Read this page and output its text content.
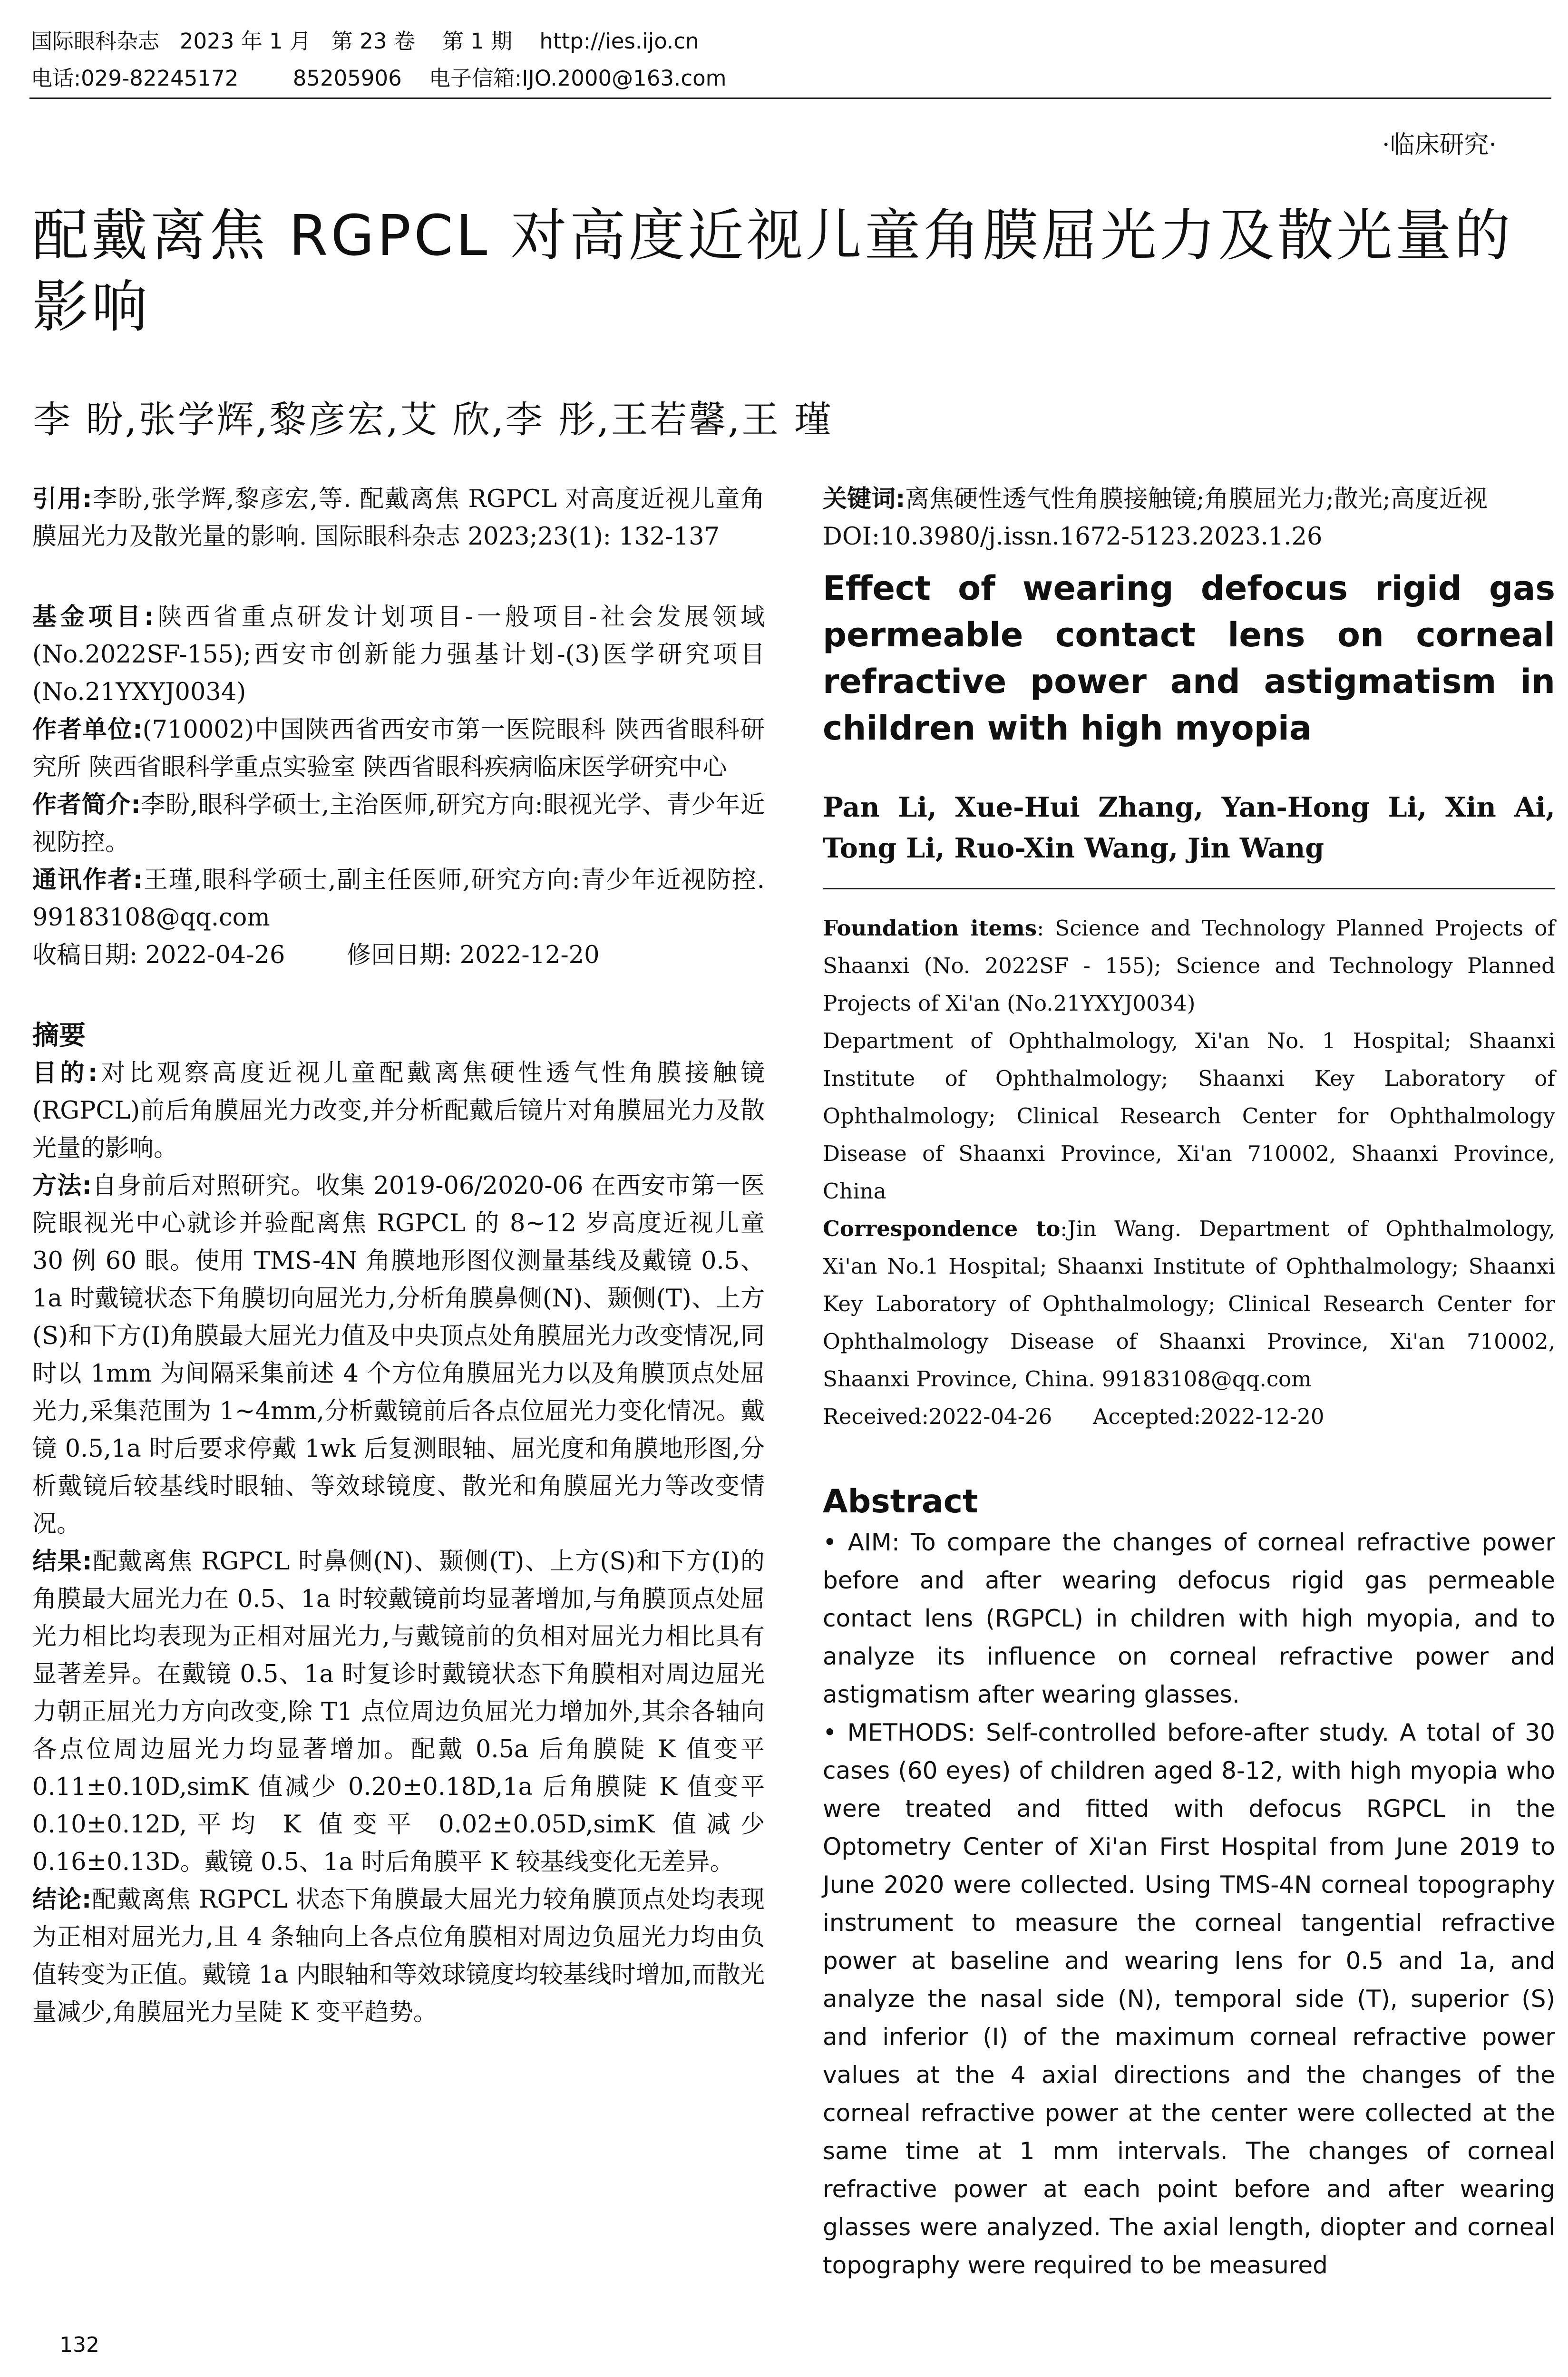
国际眼科杂志   2023 年 1 月   第 23 卷    第 1 期    http://ies.ijo.cn
电话:029-82245172        85205906    电子信箱:IJO.2000@163.com
·临床研究·
配戴离焦 RGPCL 对高度近视儿童角膜屈光力及散光量的影响
李 盼,张学辉,黎彦宏,艾 欣,李 彤,王若馨,王 瑾

引用:李盼,张学辉,黎彦宏,等. 配戴离焦 RGPCL 对高度近视儿童角膜屈光力及散光量的影响. 国际眼科杂志 2023;23(1): 132-137

基金项目:陕西省重点研发计划项目-一般项目-社会发展领域(No.2022SF-155);西安市创新能力强基计划-(3)医学研究项目(No.21YXYJ0034)

作者单位:(710002)中国陕西省西安市第一医院眼科 陕西省眼科研究所 陕西省眼科学重点实验室 陕西省眼科疾病临床医学研究中心

作者简介:李盼,眼科学硕士,主治医师,研究方向:眼视光学、青少年近视防控。

通讯作者:王瑾,眼科学硕士,副主任医师,研究方向:青少年近视防控. 99183108@qq.com

收稿日期: 2022-04-26        修回日期: 2022-12-20

摘要

目的:对比观察高度近视儿童配戴离焦硬性透气性角膜接触镜(RGPCL)前后角膜屈光力改变,并分析配戴后镜片对角膜屈光力及散光量的影响。

方法:自身前后对照研究。收集 2019-06/2020-06 在西安市第一医院眼视光中心就诊并验配离焦 RGPCL 的 8~12 岁高度近视儿童 30 例 60 眼。使用 TMS-4N 角膜地形图仪测量基线及戴镜 0.5、1a 时戴镜状态下角膜切向屈光力,分析角膜鼻侧(N)、颞侧(T)、上方(S)和下方(I)角膜最大屈光力值及中央顶点处角膜屈光力改变情况,同时以 1mm 为间隔采集前述 4 个方位角膜屈光力以及角膜顶点处屈光力,采集范围为 1~4mm,分析戴镜前后各点位屈光力变化情况。戴镜 0.5,1a 时后要求停戴 1wk 后复测眼轴、屈光度和角膜地形图,分析戴镜后较基线时眼轴、等效球镜度、散光和角膜屈光力等改变情况。

结果:配戴离焦 RGPCL 时鼻侧(N)、颞侧(T)、上方(S)和下方(I)的角膜最大屈光力在 0.5、1a 时较戴镜前均显著增加,与角膜顶点处屈光力相比均表现为正相对屈光力,与戴镜前的负相对屈光力相比具有显著差异。在戴镜 0.5、1a 时复诊时戴镜状态下角膜相对周边屈光力朝正屈光力方向改变,除 T1 点位周边负屈光力增加外,其余各轴向各点位周边屈光力均显著增加。配戴 0.5a 后角膜陡 K 值变平 0.11±0.10D,simK 值减少 0.20±0.18D,1a 后角膜陡 K 值变平 0.10±0.12D,平均 K 值变平 0.02±0.05D,simK 值减少 0.16±0.13D。戴镜 0.5、1a 时后角膜平 K 较基线变化无差异。

结论:配戴离焦 RGPCL 状态下角膜最大屈光力较角膜顶点处均表现为正相对屈光力,且 4 条轴向上各点位角膜相对周边负屈光力均由负值转变为正值。戴镜 1a 内眼轴和等效球镜度均较基线时增加,而散光量减少,角膜屈光力呈陡 K 变平趋势。

关键词:离焦硬性透气性角膜接触镜;角膜屈光力;散光;高度近视

DOI:10.3980/j.issn.1672-5123.2023.1.26

Effect of wearing defocus rigid gas permeable contact lens on corneal refractive power and astigmatism in children with high myopia
Pan Li, Xue-Hui Zhang, Yan-Hong Li, Xin Ai, Tong Li, Ruo-Xin Wang, Jin Wang

Foundation items: Science and Technology Planned Projects of Shaanxi (No. 2022SF - 155); Science and Technology Planned Projects of Xi'an (No.21YXYJ0034)

Department of Ophthalmology, Xi'an No. 1 Hospital; Shaanxi Institute of Ophthalmology; Shaanxi Key Laboratory of Ophthalmology; Clinical Research Center for Ophthalmology Disease of Shaanxi Province, Xi'an 710002, Shaanxi Province, China

Correspondence to:Jin Wang. Department of Ophthalmology, Xi'an No.1 Hospital; Shaanxi Institute of Ophthalmology; Shaanxi Key Laboratory of Ophthalmology; Clinical Research Center for Ophthalmology Disease of Shaanxi Province, Xi'an 710002, Shaanxi Province, China. 99183108@qq.com

Received:2022-04-26      Accepted:2022-12-20

Abstract

• AIM: To compare the changes of corneal refractive power before and after wearing defocus rigid gas permeable contact lens (RGPCL) in children with high myopia, and to analyze its influence on corneal refractive power and astigmatism after wearing glasses.

• METHODS: Self-controlled before-after study. A total of 30 cases (60 eyes) of children aged 8-12, with high myopia who were treated and fitted with defocus RGPCL in the Optometry Center of Xi'an First Hospital from June 2019 to June 2020 were collected. Using TMS-4N corneal topography instrument to measure the corneal tangential refractive power at baseline and wearing lens for 0.5 and 1a, and analyze the nasal side (N), temporal side (T), superior (S) and inferior (I) of the maximum corneal refractive power values at the 4 axial directions and the changes of the corneal refractive power at the center were collected at the same time at 1 mm intervals. The changes of corneal refractive power at each point before and after wearing glasses were analyzed. The axial length, diopter and corneal topography were required to be measured

132
